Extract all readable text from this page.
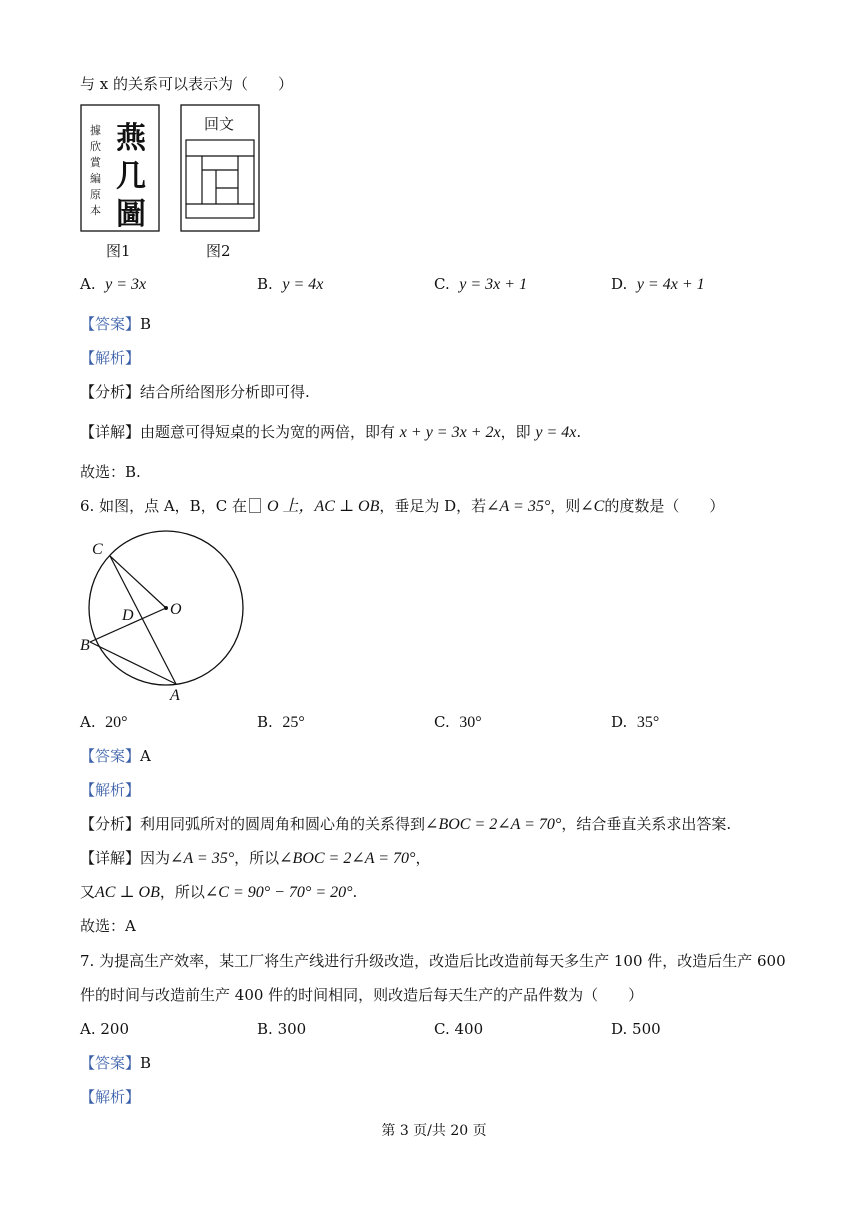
与 x 的关系可以表示为（　　）
據
欣
賞
編
原
本
燕
几
圖
图1
回文
图2
A. y = 3x	B. y = 4x	C. y = 3x + 1	D. y = 4x + 1
【答案】B
【解析】
【分析】结合所给图形分析即可得.
【详解】由题意可得短桌的长为宽的两倍，即有 x + y = 3x + 2x，即 y = 4x.
故选：B.
6. 如图，点 A，B，C 在 O 上，AC ⊥ OB，垂足为 D，若∠A = 35°，则∠C的度数是（　　）
C
D O
B
A
A. 20°	B. 25°	C. 30°	D. 35°
【答案】A
【解析】
【分析】利用同弧所对的圆周角和圆心角的关系得到∠BOC = 2∠A = 70°，结合垂直关系求出答案.
【详解】因为∠A = 35°，所以∠BOC = 2∠A = 70°，
又AC ⊥ OB，所以∠C = 90° − 70° = 20°.
故选：A
7. 为提高生产效率，某工厂将生产线进行升级改造，改造后比改造前每天多生产 100 件，改造后生产 600
件的时间与改造前生产 400 件的时间相同，则改造后每天生产的产品件数为（　　）
A. 200	B. 300	C. 400	D. 500
【答案】B
【解析】
第 3 页/共 20 页
